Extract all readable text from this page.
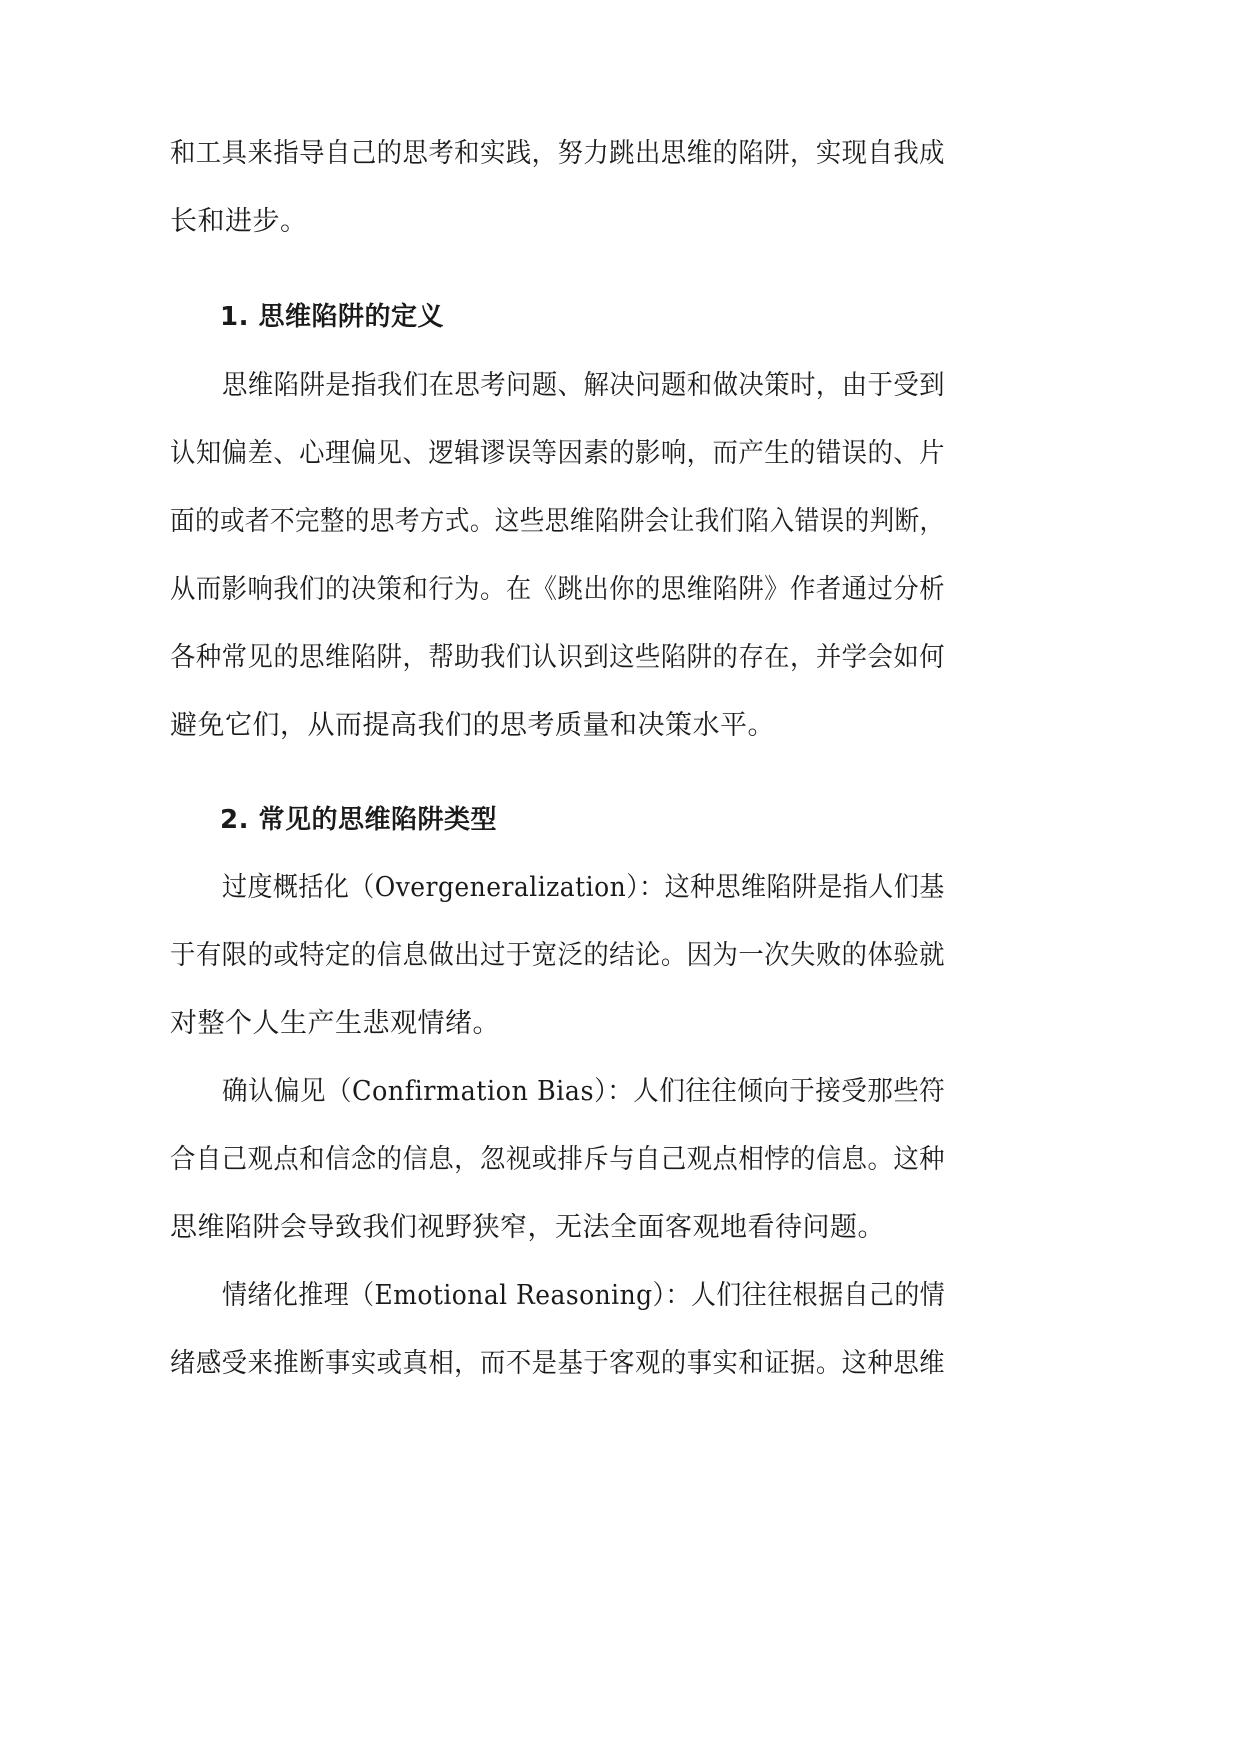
和工具来指导自己的思考和实践，努力跳出思维的陷阱，实现自我成
长和进步。
1. 思维陷阱的定义
思维陷阱是指我们在思考问题、解决问题和做决策时，由于受到
认知偏差、心理偏见、逻辑谬误等因素的影响，而产生的错误的、片
面的或者不完整的思考方式。这些思维陷阱会让我们陷入错误的判断，
从而影响我们的决策和行为。在《跳出你的思维陷阱》作者通过分析
各种常见的思维陷阱，帮助我们认识到这些陷阱的存在，并学会如何
避免它们，从而提高我们的思考质量和决策水平。
2. 常见的思维陷阱类型
过度概括化（Overgeneralization）：这种思维陷阱是指人们基
于有限的或特定的信息做出过于宽泛的结论。因为一次失败的体验就
对整个人生产生悲观情绪。
确认偏见（Confirmation Bias）：人们往往倾向于接受那些符
合自己观点和信念的信息，忽视或排斥与自己观点相悖的信息。这种
思维陷阱会导致我们视野狭窄，无法全面客观地看待问题。
情绪化推理（Emotional Reasoning）：人们往往根据自己的情
绪感受来推断事实或真相，而不是基于客观的事实和证据。这种思维
